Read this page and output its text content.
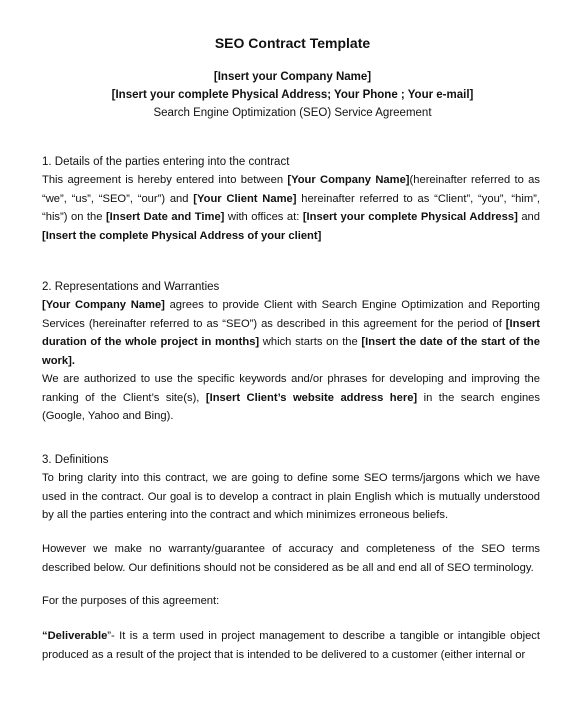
SEO Contract Template
[Insert your Company Name]
[Insert your complete Physical Address; Your Phone ; Your e-mail]
Search Engine Optimization (SEO) Service Agreement
1. Details of the parties entering into the contract
This agreement is hereby entered into between [Your Company Name](hereinafter referred to as “we”, “us”, “SEO”, “our”) and [Your Client Name] hereinafter referred to as “Client”, “you”, “him”, “his”) on the [Insert Date and Time] with offices at: [Insert your complete Physical Address] and [Insert the complete Physical Address of your client]
2. Representations and Warranties

[Your Company Name] agrees to provide Client with Search Engine Optimization and Reporting Services (hereinafter referred to as “SEO”) as described in this agreement for the period of [Insert duration of the whole project in months] which starts on the [Insert the date of the start of the work].

We are authorized to use the specific keywords and/or phrases for developing and improving the ranking of the Client’s site(s), [Insert Client’s website address here] in the search engines (Google, Yahoo and Bing).

3. Definitions
To bring clarity into this contract, we are going to define some SEO terms/jargons which we have used in the contract. Our goal is to develop a contract in plain English which is mutually understood by all the parties entering into the contract and which minimizes erroneous beliefs.
However we make no warranty/guarantee of accuracy and completeness of the SEO terms described below. Our definitions should not be considered as be all and end all of SEO terminology.
For the purposes of this agreement:
“Deliverable”- It is a term used in project management to describe a tangible or intangible object produced as a result of the project that is intended to be delivered to a customer (either internal or
